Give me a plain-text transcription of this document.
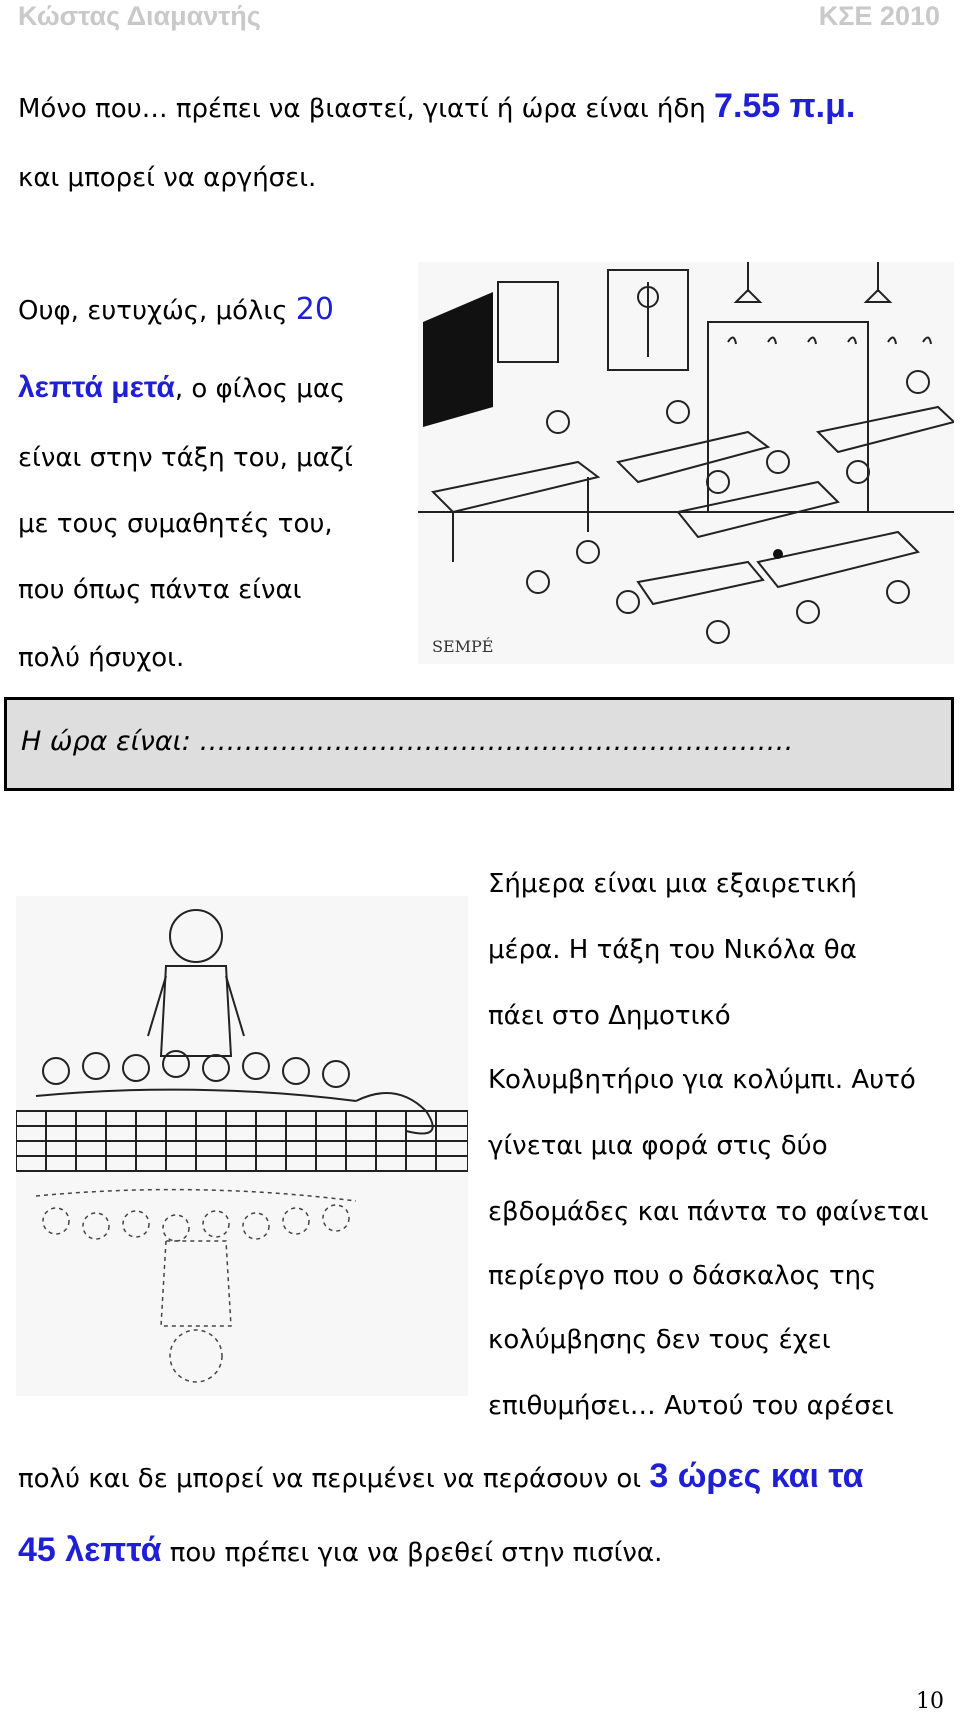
Κώστας Διαμαντής	ΚΣΕ 2010
Μόνο που… πρέπει να βιαστεί, γιατί ή ώρα είναι ήδη 7.55 π.μ.
και μπορεί να αργήσει.
Ουφ, ευτυχώς, μόλις 20
λεπτά μετά, ο φίλος μας
είναι στην τάξη του, μαζί
με τους συμαθητές του,
που όπως πάντα είναι
πολύ ήσυχοι.	SEMPÉ
Η ώρα είναι: …………………………………………………………
Σήμερα είναι μια εξαιρετική
μέρα. Η τάξη του Νικόλα θα
πάει στο Δημοτικό
Κολυμβητήριο για κολύμπι. Αυτό
γίνεται μια φορά στις δύο
εβδομάδες και πάντα το φαίνεται
περίεργο που ο δάσκαλος της
κολύμβησης δεν τους έχει
επιθυμήσει… Αυτού του αρέσει
πολύ και δε μπορεί να περιμένει να περάσουν οι 3 ώρες και τα
45 λεπτά που πρέπει για να βρεθεί στην πισίνα.
10
